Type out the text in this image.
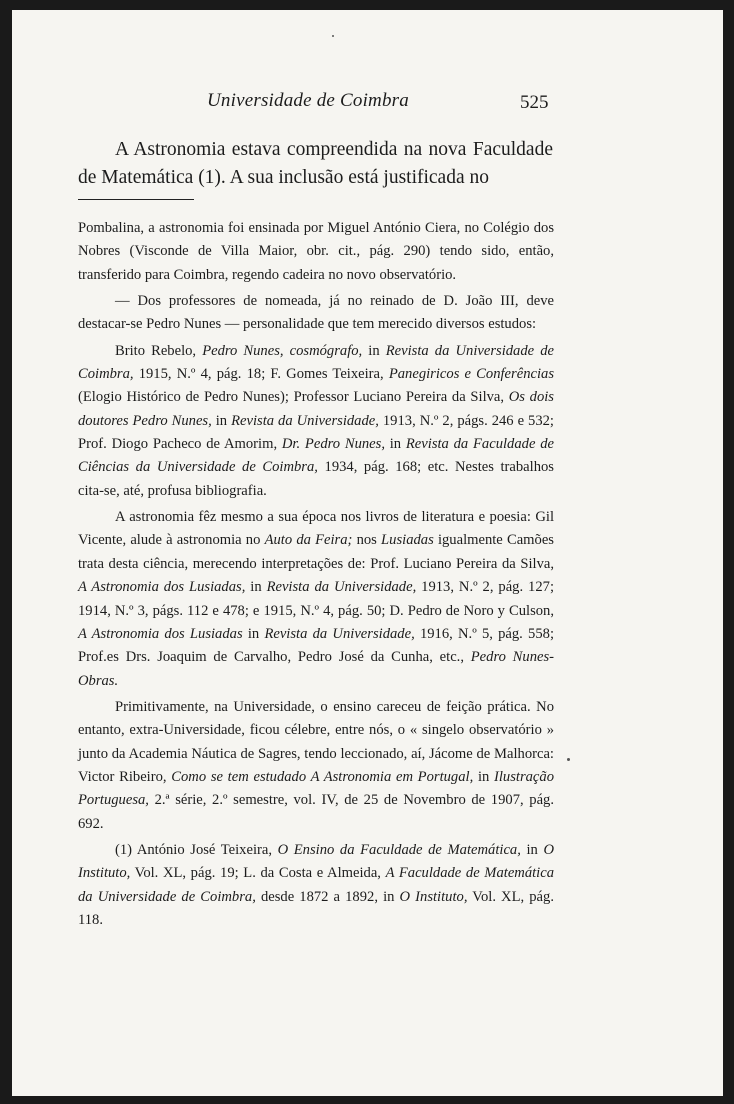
Universidade de Coimbra	525

A Astronomia estava compreendida na nova Faculdade de Matemática (1). A sua inclusão está justificada no

Pombalina, a astronomia foi ensinada por Miguel António Ciera, no Colégio dos Nobres (Visconde de Villa Maior, obr. cit., pág. 290) tendo sido, então, transferido para Coimbra, regendo cadeira no novo observatório.

— Dos professores de nomeada, já no reinado de D. João III, deve destacar-se Pedro Nunes — personalidade que tem merecido diversos estudos:

Brito Rebelo, Pedro Nunes, cosmógrafo, in Revista da Universidade de Coimbra, 1915, N.º 4, pág. 18; F. Gomes Teixeira, Panegiricos e Conferências (Elogio Histórico de Pedro Nunes); Professor Luciano Pereira da Silva, Os dois doutores Pedro Nunes, in Revista da Universidade, 1913, N.º 2, págs. 246 e 532; Prof. Diogo Pacheco de Amorim, Dr. Pedro Nunes, in Revista da Faculdade de Ciências da Universidade de Coimbra, 1934, pág. 168; etc. Nestes trabalhos cita-se, até, profusa bibliografia.

A astronomia fêz mesmo a sua época nos livros de literatura e poesia: Gil Vicente, alude à astronomia no Auto da Feira; nos Lusiadas igualmente Camões trata desta ciência, merecendo interpretações de: Prof. Luciano Pereira da Silva, A Astronomia dos Lusiadas, in Revista da Universidade, 1913, N.º 2, pág. 127; 1914, N.º 3, págs. 112 e 478; e 1915, N.º 4, pág. 50; D. Pedro de Noro y Culson, A Astronomia dos Lusiadas in Revista da Universidade, 1916, N.º 5, pág. 558; Prof.es Drs. Joaquim de Carvalho, Pedro José da Cunha, etc., Pedro Nunes-Obras.

Primitivamente, na Universidade, o ensino careceu de feição prática. No entanto, extra-Universidade, ficou célebre, entre nós, o « singelo observatório » junto da Academia Náutica de Sagres, tendo leccionado, aí, Jácome de Malhorca: Victor Ribeiro, Como se tem estudado A Astronomia em Portugal, in Ilustração Portuguesa, 2.ª série, 2.º semestre, vol. IV, de 25 de Novembro de 1907, pág. 692.

(1) António José Teixeira, O Ensino da Faculdade de Matemática, in O Instituto, Vol. XL, pág. 19; L. da Costa e Almeida, A Faculdade de Matemática da Universidade de Coimbra, desde 1872 a 1892, in O Instituto, Vol. XL, pág. 118.
